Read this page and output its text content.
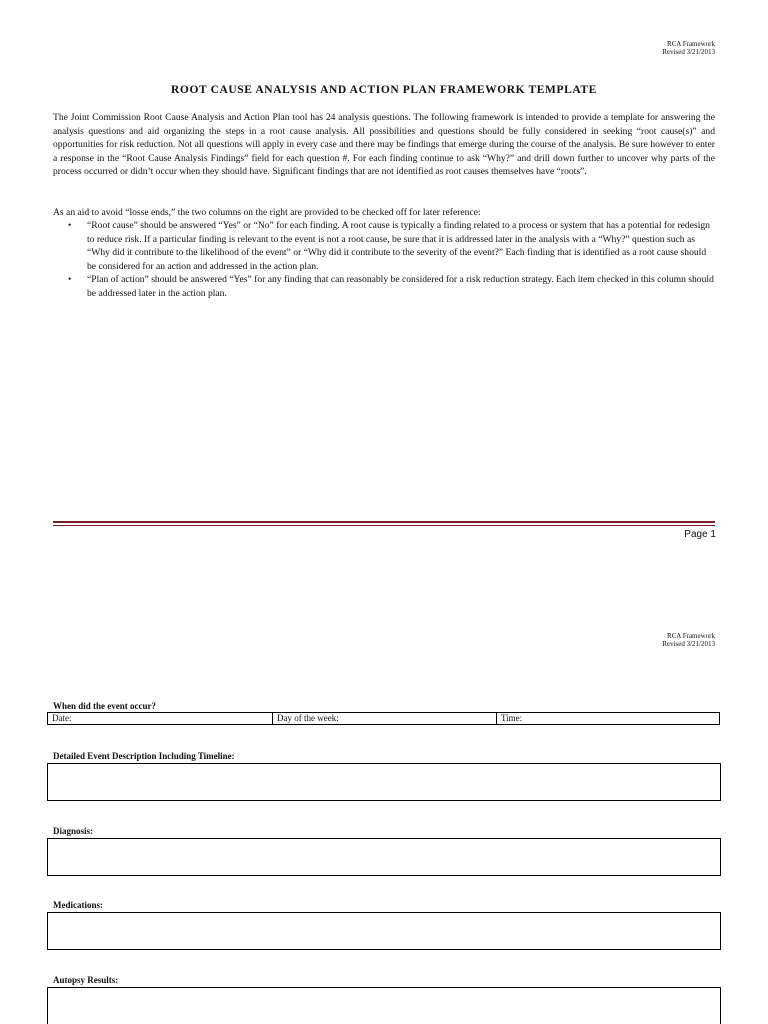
RCA Framework
Revised 3/21/2013
ROOT CAUSE ANALYSIS AND ACTION PLAN FRAMEWORK TEMPLATE

The Joint Commission Root Cause Analysis and Action Plan tool has 24 analysis questions. The following framework is intended to provide a template for answering the analysis questions and aid organizing the steps in a root cause analysis. All possibilities and questions should be fully considered in seeking “root cause(s)” and opportunities for risk reduction. Not all questions will apply in every case and there may be findings that emerge during the course of the analysis. Be sure however to enter a response in the “Root Cause Analysis Findings” field for each question #. For each finding continue to ask “Why?” and drill down further to uncover why parts of the process occurred or didn’t occur when they should have. Significant findings that are not identified as root causes themselves have “roots”.

As an aid to avoid “losse ends,” the two columns on the right are provided to be checked off for later reference:

• “Root cause” should be answered “Yes” or “No” for each finding. A root cause is typically a finding related to a process or system that has a potential for redesign to reduce risk. If a particular finding is relevant to the event is not a root cause, be sure that it is addressed later in the analysis with a “Why?” question such as “Why did it contribute to the likelihood of the event” or “Why did it contribute to the severity of the event?” Each finding that is identified as a root cause should be considered for an action and addressed in the action plan.
• “Plan of action” should be answered “Yes” for any finding that can reasonably be considered for a risk reduction strategy. Each item checked in this column should be addressed later in the action plan.
Page 1
RCA Framework
Revised 3/21/2013
When did the event occur?
Date:	Day of the week:	Time:
Detailed Event Description Including Timeline:
Diagnosis:
Medications:
Autopsy Results:
